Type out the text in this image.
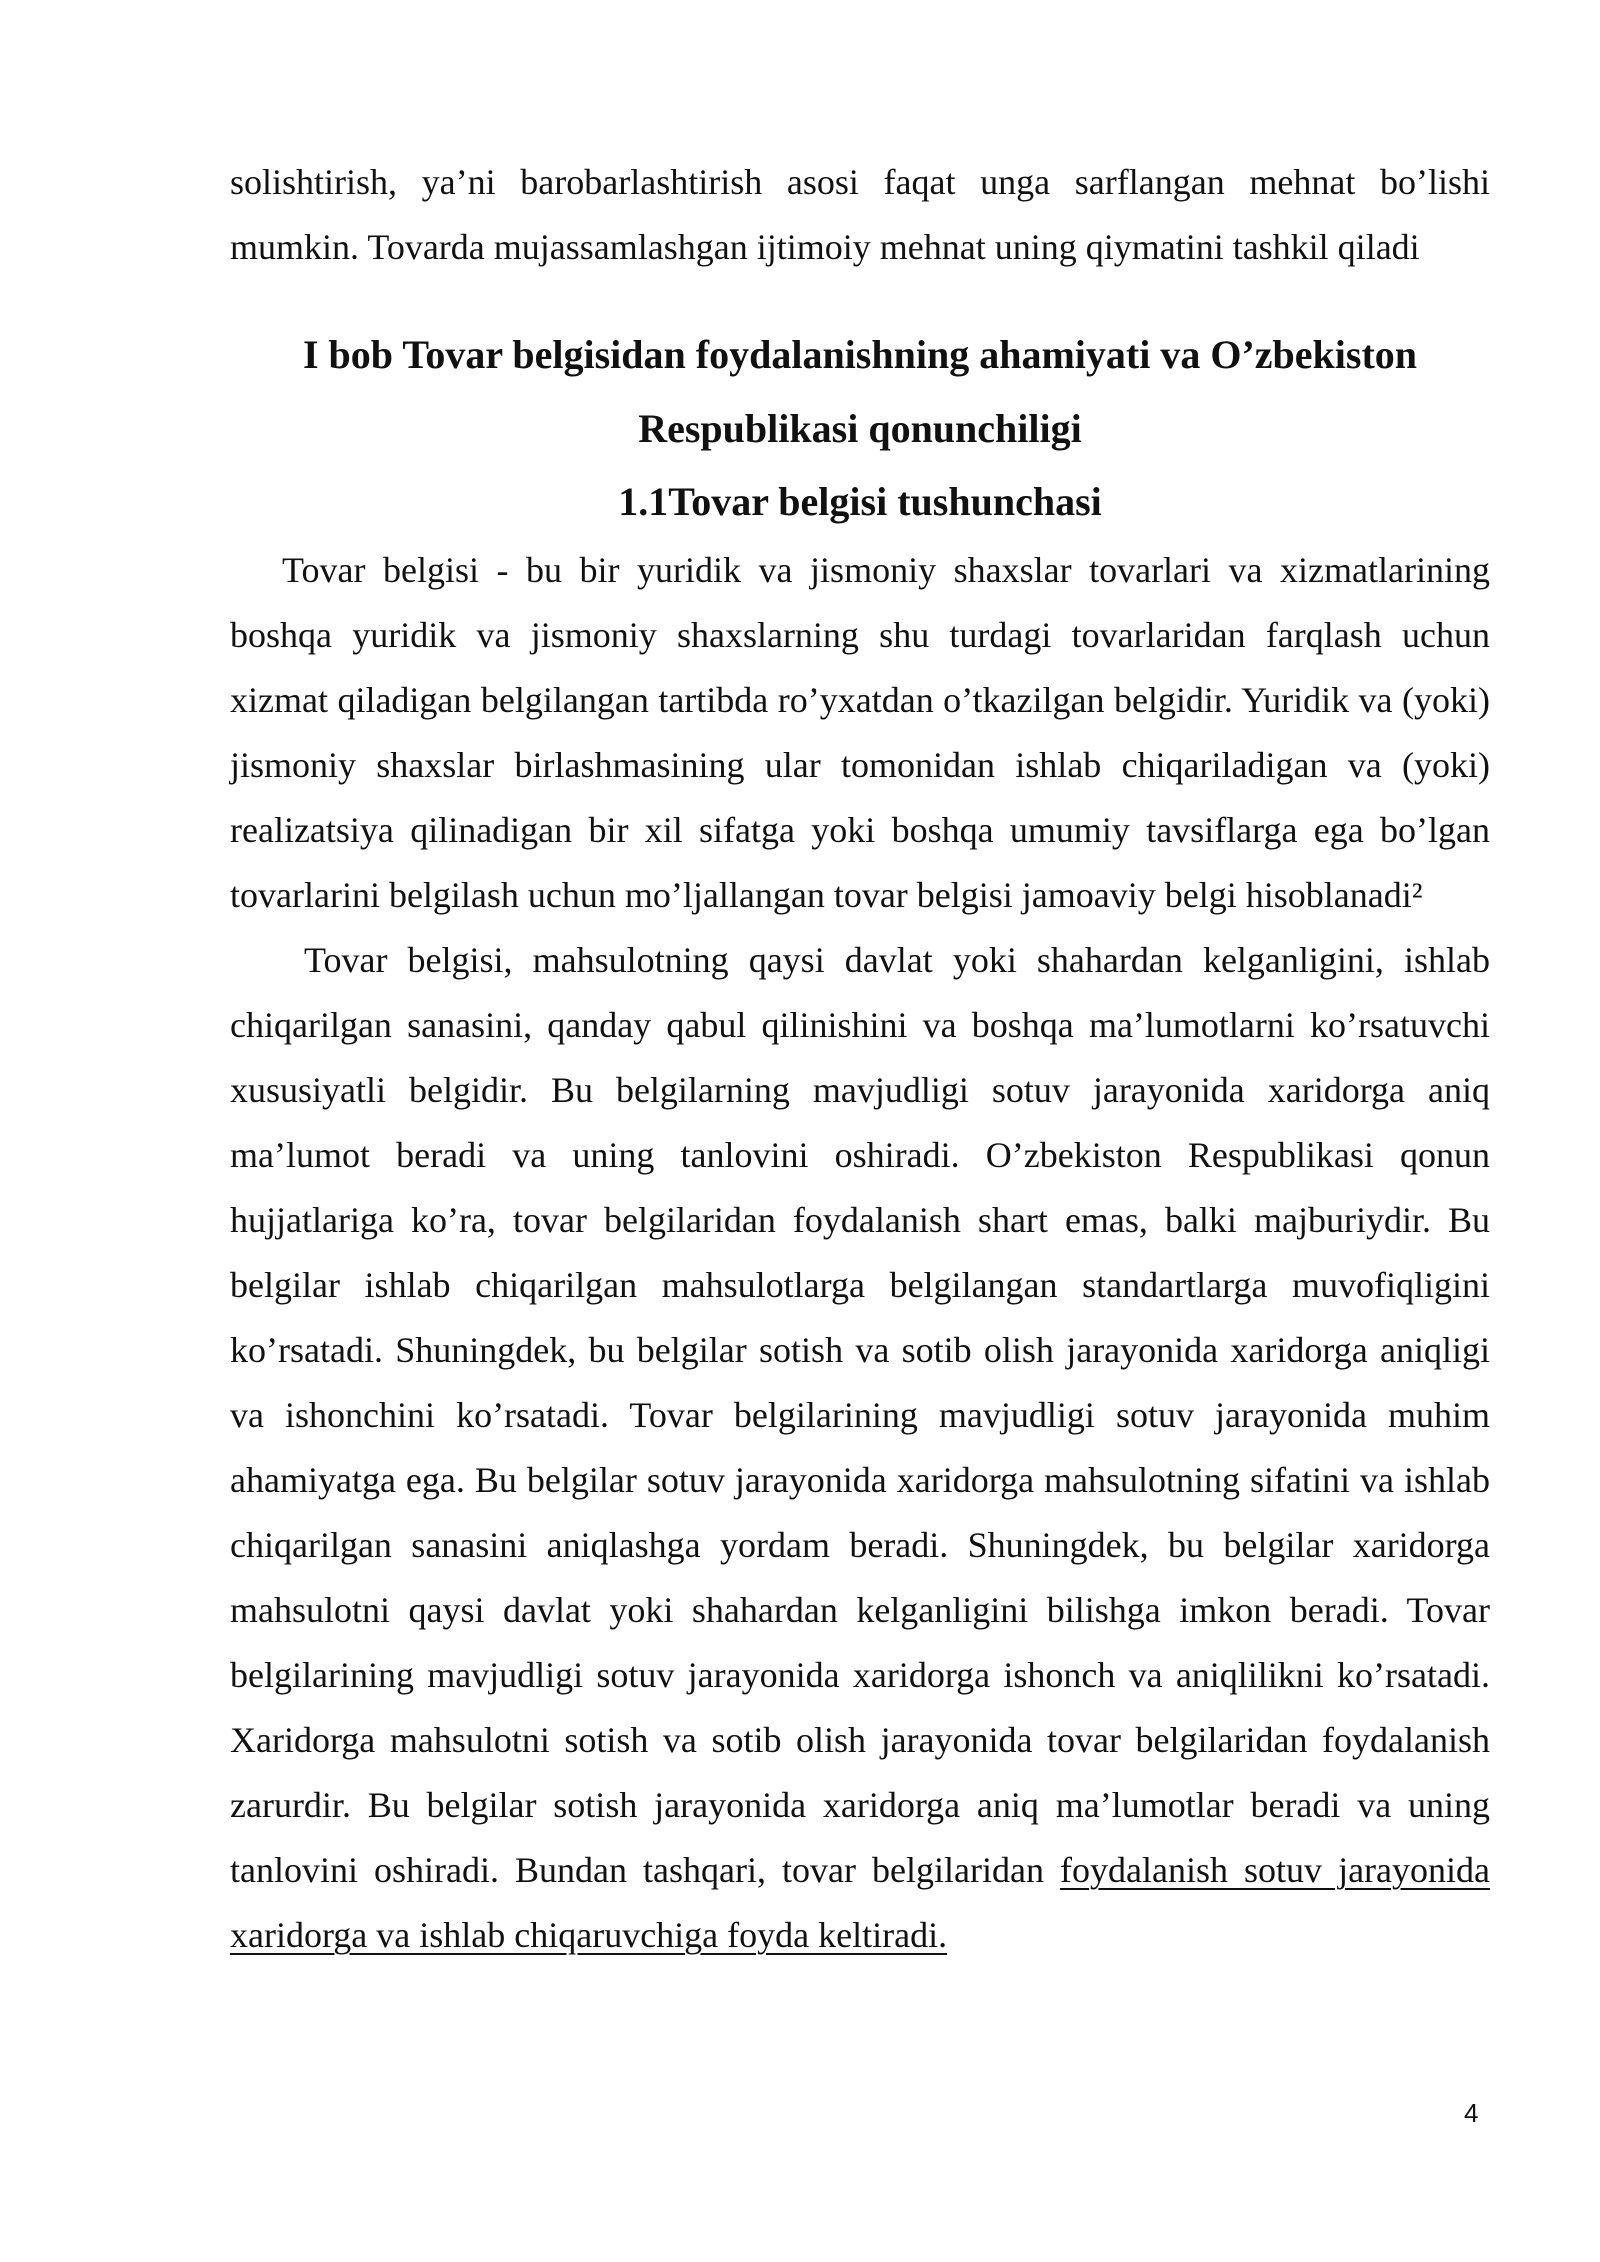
solishtirish, ya’ni barobarlashtirish asosi faqat unga sarflangan mehnat bo’lishi mumkin. Tovarda mujassamlashgan ijtimoiy mehnat uning qiymatini tashkil qiladi

I bob Tovar belgisidan foydalanishning ahamiyati va O’zbekiston Respublikasi qonunchiligi
1.1Tovar belgisi tushunchasi

Tovar belgisi - bu bir yuridik va jismoniy shaxslar tovarlari va xizmatlarining boshqa yuridik va jismoniy shaxslarning shu turdagi tovarlaridan farqlash uchun xizmat qiladigan belgilangan tartibda ro’yxatdan o’tkazilgan belgidir. Yuridik va (yoki) jismoniy shaxslar birlashmasining ular tomonidan ishlab chiqariladigan va (yoki) realizatsiya qilinadigan bir xil sifatga yoki boshqa umumiy tavsiflarga ega bo’lgan tovarlarini belgilash uchun mo’ljallangan tovar belgisi jamoaviy belgi hisoblanadi²

Tovar belgisi, mahsulotning qaysi davlat yoki shahardan kelganligini, ishlab chiqarilgan sanasini, qanday qabul qilinishini va boshqa ma’lumotlarni ko’rsatuvchi xususiyatli belgidir. Bu belgilarning mavjudligi sotuv jarayonida xaridorga aniq ma’lumot beradi va uning tanlovini oshiradi. O’zbekiston Respublikasi qonun hujjatlariga ko’ra, tovar belgilaridan foydalanish shart emas, balki majburiydir. Bu belgilar ishlab chiqarilgan mahsulotlarga belgilangan standartlarga muvofiqligini ko’rsatadi. Shuningdek, bu belgilar sotish va sotib olish jarayonida xaridorga aniqligi va ishonchini ko’rsatadi. Tovar belgilarining mavjudligi sotuv jarayonida muhim ahamiyatga ega. Bu belgilar sotuv jarayonida xaridorga mahsulotning sifatini va ishlab chiqarilgan sanasini aniqlashga yordam beradi. Shuningdek, bu belgilar xaridorga mahsulotni qaysi davlat yoki shahardan kelganligini bilishga imkon beradi. Tovar belgilarining mavjudligi sotuv jarayonida xaridorga ishonch va aniqlilikni ko’rsatadi. Xaridorga mahsulotni sotish va sotib olish jarayonida tovar belgilaridan foydalanish zarurdir. Bu belgilar sotish jarayonida xaridorga aniq ma’lumotlar beradi va uning tanlovini oshiradi. Bundan tashqari, tovar belgilaridan foydalanish sotuv jarayonida xaridorga va ishlab chiqaruvchiga foyda keltiradi.

4
